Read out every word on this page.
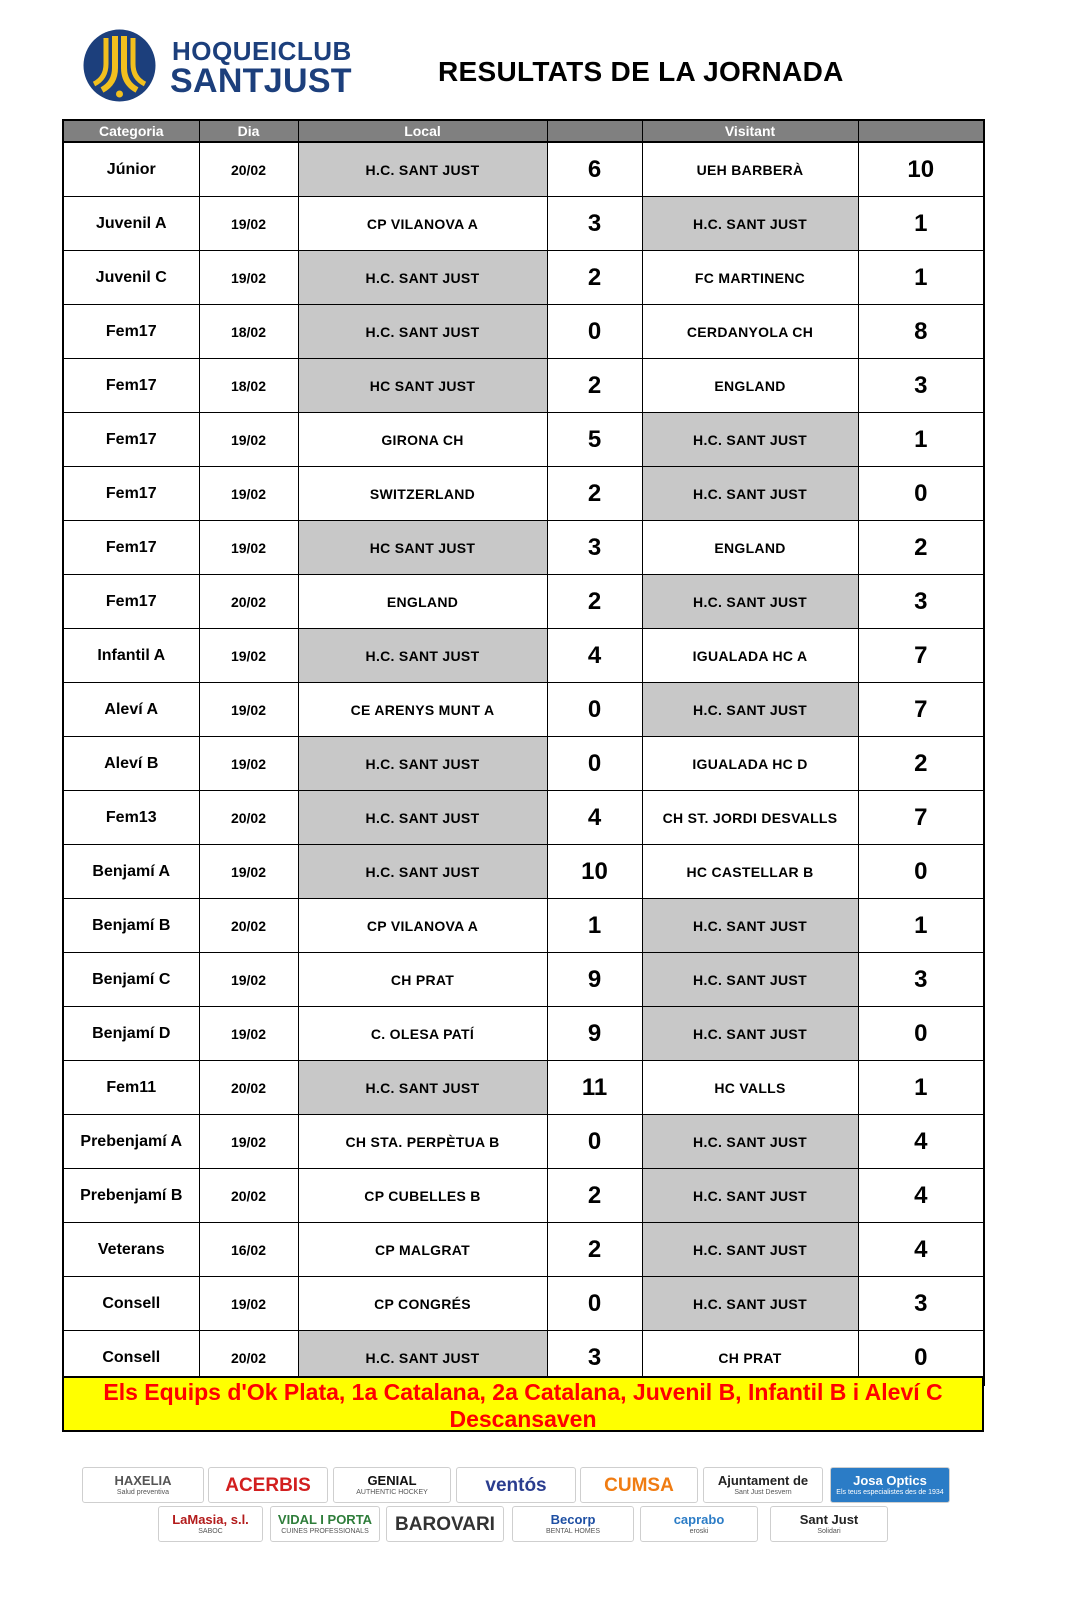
HOQUEICLUB
SANTJUST	RESULTATS DE LA JORNADA
Categoria	Dia	Local		Visitant	
Júnior	20/02	H.C. SANT JUST	6	UEH BARBERÀ	10
Juvenil A	19/02	CP VILANOVA A	3	H.C. SANT JUST	1
Juvenil C	19/02	H.C. SANT JUST	2	FC MARTINENC	1
Fem17	18/02	H.C. SANT JUST	0	CERDANYOLA CH	8
Fem17	18/02	HC SANT JUST	2	ENGLAND	3
Fem17	19/02	GIRONA CH	5	H.C. SANT JUST	1
Fem17	19/02	SWITZERLAND	2	H.C. SANT JUST	0
Fem17	19/02	HC SANT JUST	3	ENGLAND	2
Fem17	20/02	ENGLAND	2	H.C. SANT JUST	3
Infantil A	19/02	H.C. SANT JUST	4	IGUALADA HC A	7
Aleví A	19/02	CE ARENYS MUNT A	0	H.C. SANT JUST	7
Aleví B	19/02	H.C. SANT JUST	0	IGUALADA HC D	2
Fem13	20/02	H.C. SANT JUST	4	CH ST. JORDI DESVALLS	7
Benjamí A	19/02	H.C. SANT JUST	10	HC CASTELLAR B	0
Benjamí B	20/02	CP VILANOVA A	1	H.C. SANT JUST	1
Benjamí C	19/02	CH PRAT	9	H.C. SANT JUST	3
Benjamí D	19/02	C. OLESA PATÍ	9	H.C. SANT JUST	0
Fem11	20/02	H.C. SANT JUST	11	HC VALLS	1
Prebenjamí A	19/02	CH STA. PERPÈTUA B	0	H.C. SANT JUST	4
Prebenjamí B	20/02	CP CUBELLES B	2	H.C. SANT JUST	4
Veterans	16/02	CP MALGRAT	2	H.C. SANT JUST	4
Consell	19/02	CP CONGRÉS	0	H.C. SANT JUST	3
Consell	20/02	H.C. SANT JUST	3	CH PRAT	0
Els Equips d'Ok Plata, 1a Catalana, 2a Catalana, Juvenil B, Infantil B i Aleví C
Descansaven
HAXELIA
Salud preventiva	ACERBIS	GENIAL
AUTHENTIC HOCKEY	ventós	CUMSA	Ajuntament de
Sant Just Desvern
Josa Optics
Els teus especialistes des de 1934
LaMasia, s.l.
SABOC
VIDAL I PORTA
CUINES PROFESSIONALS BAROVARI	Becorp
BENTAL HOMES
caprabo
eroski
Sant Just
Solidari
